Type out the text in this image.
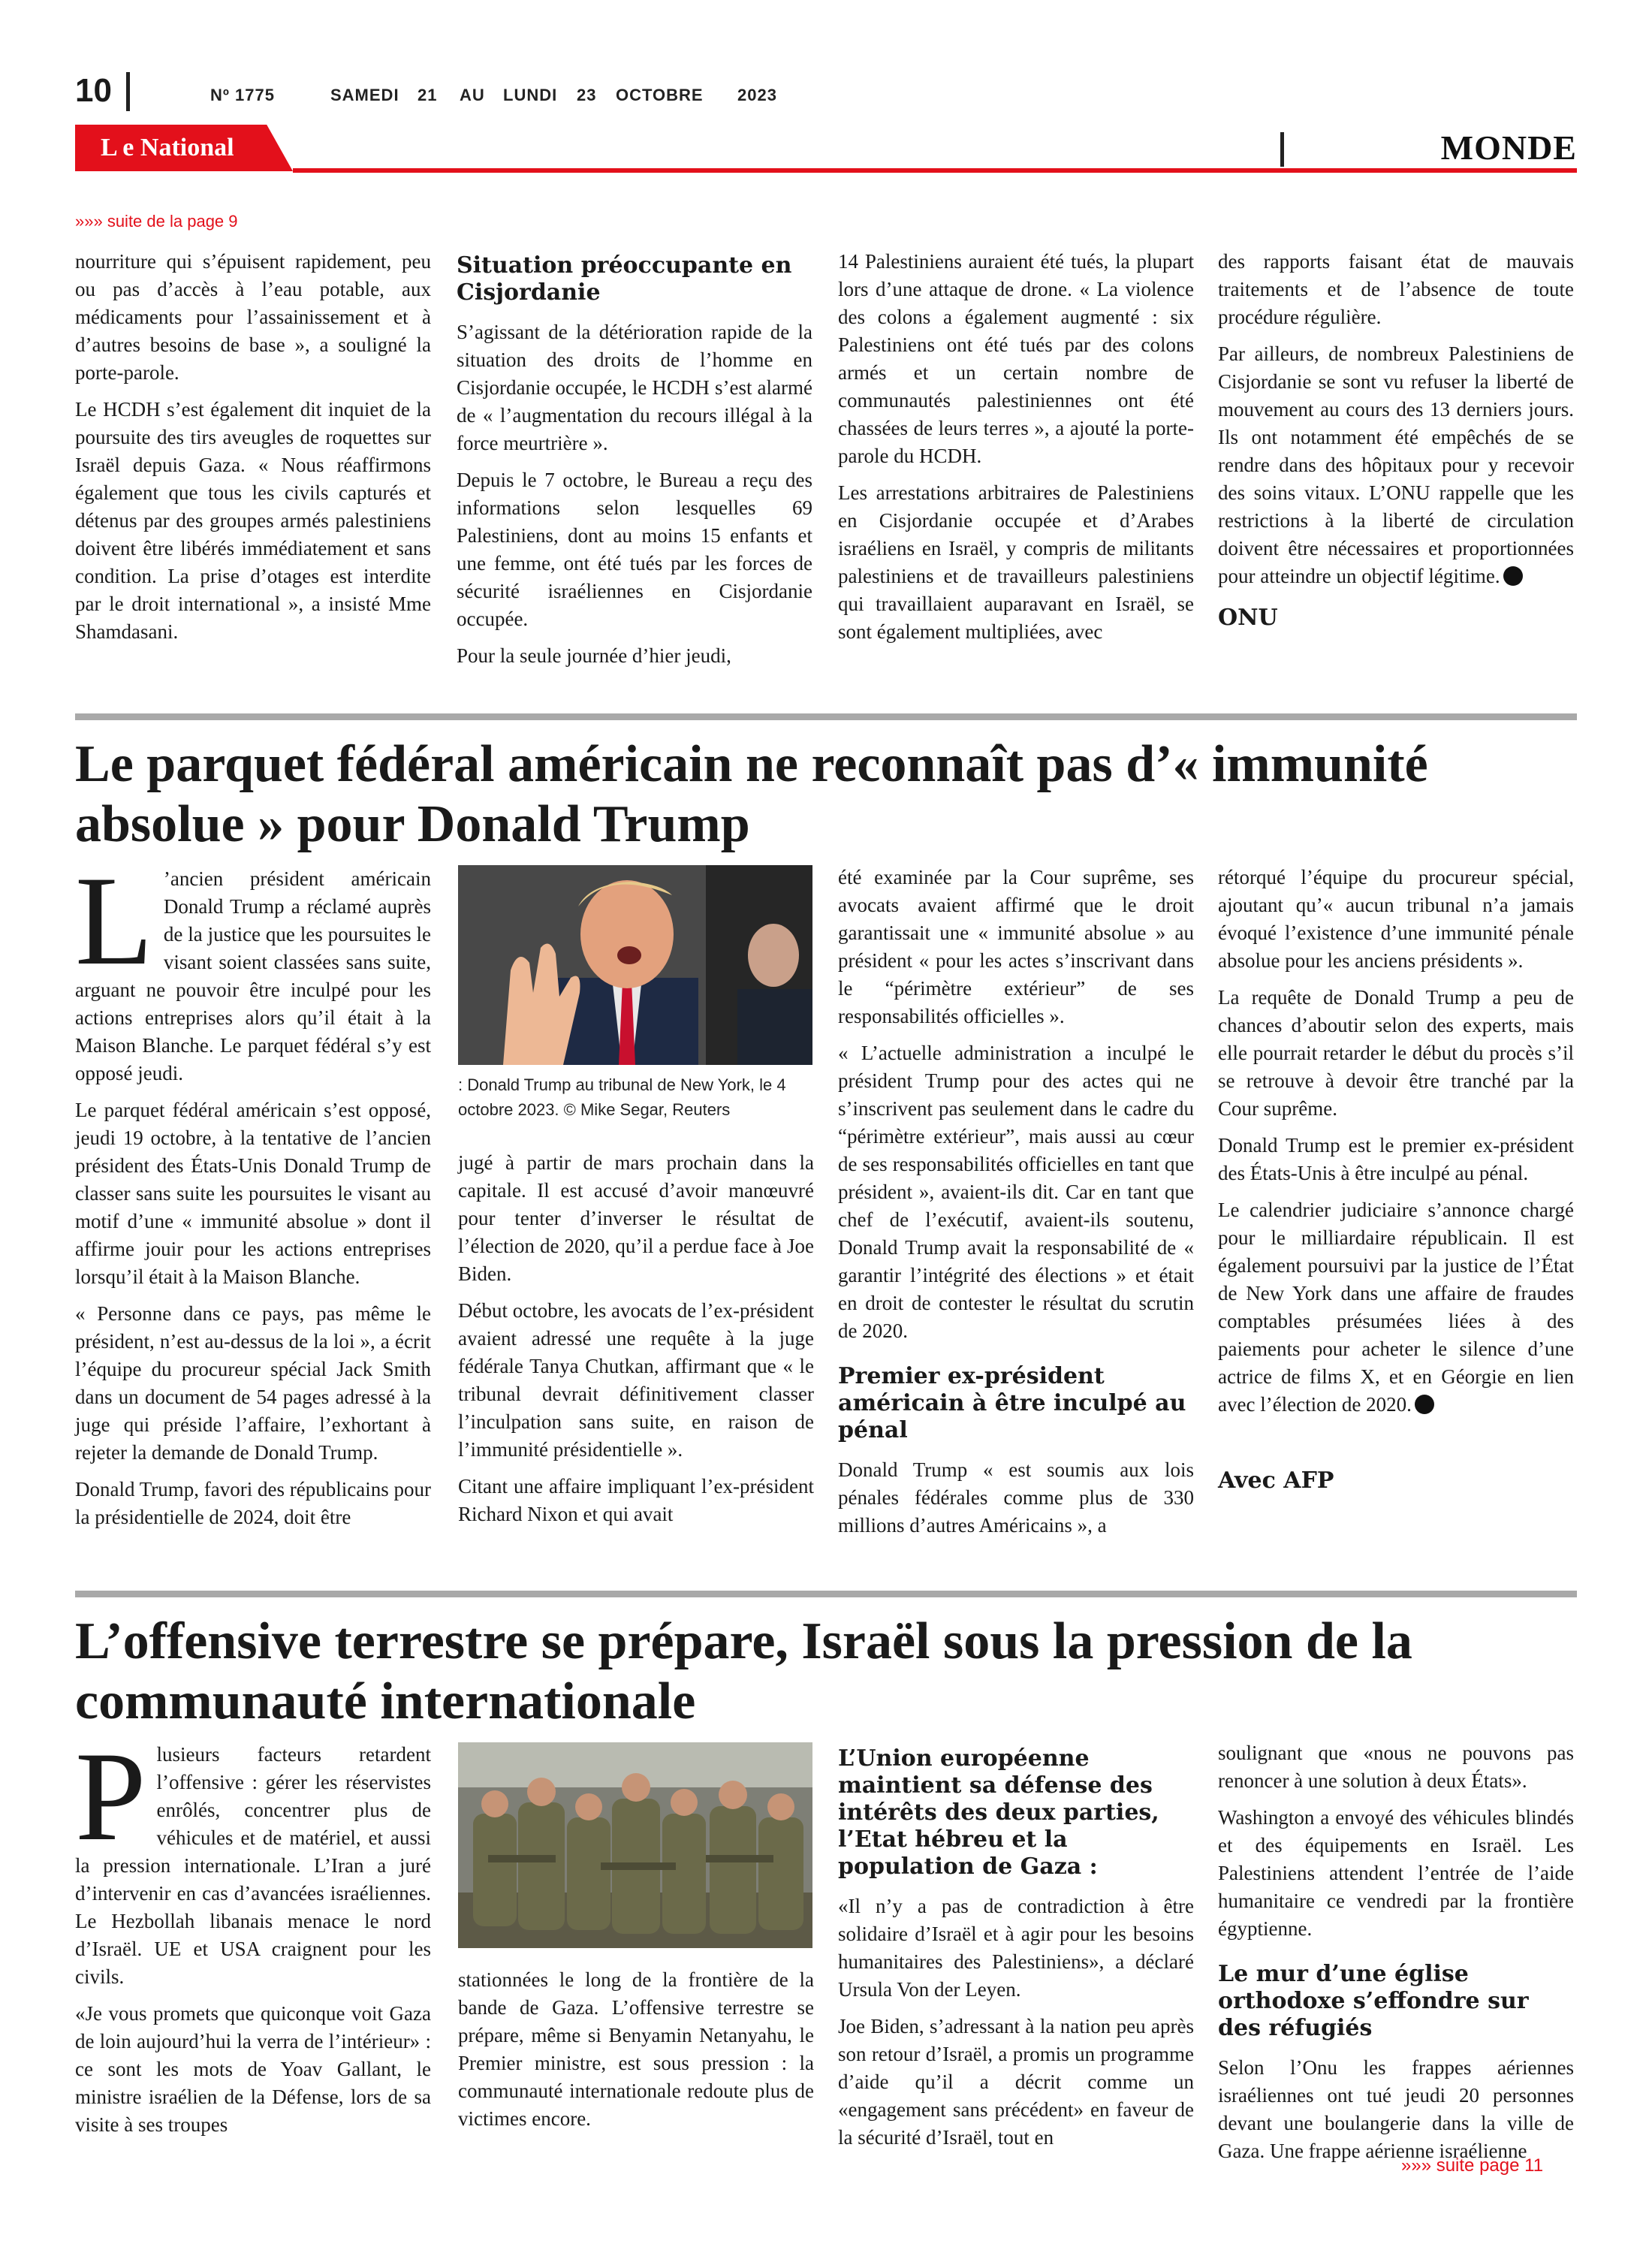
10	Nº 1775	SAMEDI 21 AU LUNDI 23 OCTOBRE 2023
L e National	MONDE
»»» suite de la page 9

nourriture qui s’épuisent rapidement, peu ou pas d’accès à l’eau potable, aux médicaments pour l’assainissement et à d’autres besoins de base », a souligné la porte-parole.

Le HCDH s’est également dit inquiet de la poursuite des tirs aveugles de roquettes sur Israël depuis Gaza. « Nous réaffirmons également que tous les civils capturés et détenus par des groupes armés palestiniens doivent être libérés immédiatement et sans condition. La prise d’otages est interdite par le droit international », a insisté Mme Shamdasani.

Situation préoccupante en Cisjordanie

S’agissant de la détérioration rapide de la situation des droits de l’homme en Cisjordanie occupée, le HCDH s’est alarmé de « l’augmentation du recours illégal à la force meurtrière ».

Depuis le 7 octobre, le Bureau a reçu des informations selon lesquelles 69 Palestiniens, dont au moins 15 enfants et une femme, ont été tués par les forces de sécurité israéliennes en Cisjordanie occupée.

Pour la seule journée d’hier jeudi,

14 Palestiniens auraient été tués, la plupart lors d’une attaque de drone. « La violence des colons a également augmenté : six Palestiniens ont été tués par des colons armés et un certain nombre de communautés palestiniennes ont été chassées de leurs terres », a ajouté la porte-parole du HCDH.

Les arrestations arbitraires de Palestiniens en Cisjordanie occupée et d’Arabes israéliens en Israël, y compris de militants palestiniens et de travailleurs palestiniens qui travaillaient auparavant en Israël, se sont également multipliées, avec

des rapports faisant état de mauvais traitements et de l’absence de toute procédure régulière.

Par ailleurs, de nombreux Palestiniens de Cisjordanie se sont vu refuser la liberté de mouvement au cours des 13 derniers jours. Ils ont notamment été empêchés de se rendre dans des hôpitaux pour y recevoir des soins vitaux. L’ONU rappelle que les restrictions à la liberté de circulation doivent être nécessaires et proportionnées pour atteindre un objectif légitime.

ONU
Le parquet fédéral américain ne reconnaît pas d’« immunité absolue » pour Donald Trump
L ’ancien président américain Donald Trump a réclamé auprès de la justice que les poursuites le visant soient classées sans suite, arguant ne pouvoir être inculpé pour les actions entreprises alors qu’il était à la Maison Blanche. Le parquet fédéral s’y est opposé jeudi.

Le parquet fédéral américain s’est opposé, jeudi 19 octobre, à la tentative de l’ancien président des États-Unis Donald Trump de classer sans suite les poursuites le visant au motif d’une « immunité absolue » dont il affirme jouir pour les actions entreprises lorsqu’il était à la Maison Blanche.

« Personne dans ce pays, pas même le président, n’est au-dessus de la loi », a écrit l’équipe du procureur spécial Jack Smith dans un document de 54 pages adressé à la juge qui préside l’affaire, l’exhortant à rejeter la demande de Donald Trump.

Donald Trump, favori des républicains pour la présidentielle de 2024, doit être

: Donald Trump au tribunal de New York, le 4 octobre 2023. © Mike Segar, Reuters

jugé à partir de mars prochain dans la capitale. Il est accusé d’avoir manœuvré pour tenter d’inverser le résultat de l’élection de 2020, qu’il a perdue face à Joe Biden.

Début octobre, les avocats de l’ex-président avaient adressé une requête à la juge fédérale Tanya Chutkan, affirmant que « le tribunal devrait définitivement classer l’inculpation sans suite, en raison de l’immunité présidentielle ».

Citant une affaire impliquant l’ex-président Richard Nixon et qui avait

été examinée par la Cour suprême, ses avocats avaient affirmé que le droit garantissait une « immunité absolue » au président « pour les actes s’inscrivant dans le “périmètre extérieur” de ses responsabilités officielles ».

« L’actuelle administration a inculpé le président Trump pour des actes qui ne s’inscrivent pas seulement dans le cadre du “périmètre extérieur”, mais aussi au cœur de ses responsabilités officielles en tant que président », avaient-ils dit. Car en tant que chef de l’exécutif, avaient-ils soutenu, Donald Trump avait la responsabilité de « garantir l’intégrité des élections » et était en droit de contester le résultat du scrutin de 2020.

Premier ex-président américain à être inculpé au pénal

Donald Trump « est soumis aux lois pénales fédérales comme plus de 330 millions d’autres Américains », a

rétorqué l’équipe du procureur spécial, ajoutant qu’« aucun tribunal n’a jamais évoqué l’existence d’une immunité pénale absolue pour les anciens présidents ».

La requête de Donald Trump a peu de chances d’aboutir selon des experts, mais elle pourrait retarder le début du procès s’il se retrouve à devoir être tranché par la Cour suprême.

Donald Trump est le premier ex-président des États-Unis à être inculpé au pénal.

Le calendrier judiciaire s’annonce chargé pour le milliardaire républicain. Il est également poursuivi par la justice de l’État de New York dans une affaire de fraudes comptables présumées liées à des paiements pour acheter le silence d’une actrice de films X, et en Géorgie en lien avec l’élection de 2020.

Avec AFP
L’offensive terrestre se prépare, Israël sous la pression de la communauté internationale
P lusieurs facteurs retardent l’offensive : gérer les réservistes enrôlés, concentrer plus de véhicules et de matériel, et aussi la pression internationale. L’Iran a juré d’intervenir en cas d’avancées israéliennes. Le Hezbollah libanais menace le nord d’Israël. UE et USA craignent pour les civils.

«Je vous promets que quiconque voit Gaza de loin aujourd’hui la verra de l’intérieur» : ce sont les mots de Yoav Gallant, le ministre israélien de la Défense, lors de sa visite à ses troupes

stationnées le long de la frontière de la bande de Gaza. L’offensive terrestre se prépare, même si Benyamin Netanyahu, le Premier ministre, est sous pression : la communauté internationale redoute plus de victimes encore.

L’Union européenne maintient sa défense des intérêts des deux parties, l’Etat hébreu et la population de Gaza :

«Il n’y a pas de contradiction à être solidaire d’Israël et à agir pour les besoins humanitaires des Palestiniens», a déclaré Ursula Von der Leyen.

Joe Biden, s’adressant à la nation peu après son retour d’Israël, a promis un programme d’aide qu’il a décrit comme un «engagement sans précédent» en faveur de la sécurité d’Israël, tout en

soulignant que «nous ne pouvons pas renoncer à une solution à deux États».

Washington a envoyé des véhicules blindés et des équipements en Israël. Les Palestiniens attendent l’entrée de l’aide humanitaire ce vendredi par la frontière égyptienne.

Le mur d’une église orthodoxe s’effondre sur des réfugiés

Selon l’Onu les frappes aériennes israéliennes ont tué jeudi 20 personnes devant une boulangerie dans la ville de Gaza. Une frappe aérienne israélienne

»»» suite page 11
